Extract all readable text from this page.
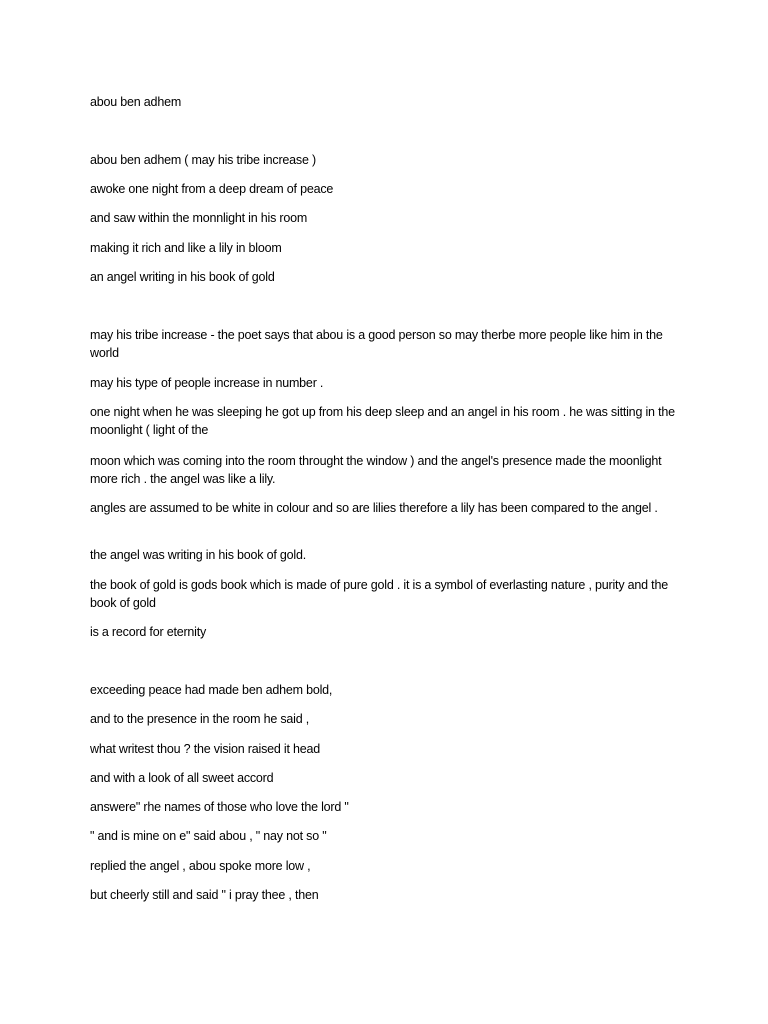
abou ben adhem

abou ben adhem ( may his tribe increase )

awoke one night from a deep dream of peace

and saw within the monnlight in his room

making it rich and like a lily in bloom

an angel writing in his book of gold

may his tribe increase - the poet says that abou is a good person so may therbe more people like him in the world

may his type of people increase in number .

one night when he was sleeping he got up from his deep sleep and an angel in his room . he was sitting in the moonlight ( light of the

moon which was coming into the room throught the window ) and the angel's presence made the moonlight more rich . the angel was like a lily.

angles are assumed to be white in colour and so are lilies therefore a lily has been compared to the angel .

the angel was writing in his book of gold.

the book of gold is gods book which is made of pure gold . it is a symbol of everlasting nature , purity and the book of gold

is a record for eternity

exceeding peace had made ben adhem bold,

and to the presence in the room he said ,

what writest thou ? the vision raised it head

and with a look of all sweet accord

answere" rhe names of those who love the lord "

" and is mine on e" said abou , " nay not so "

replied the angel , abou spoke more low ,

but cheerly still and said " i pray thee , then
